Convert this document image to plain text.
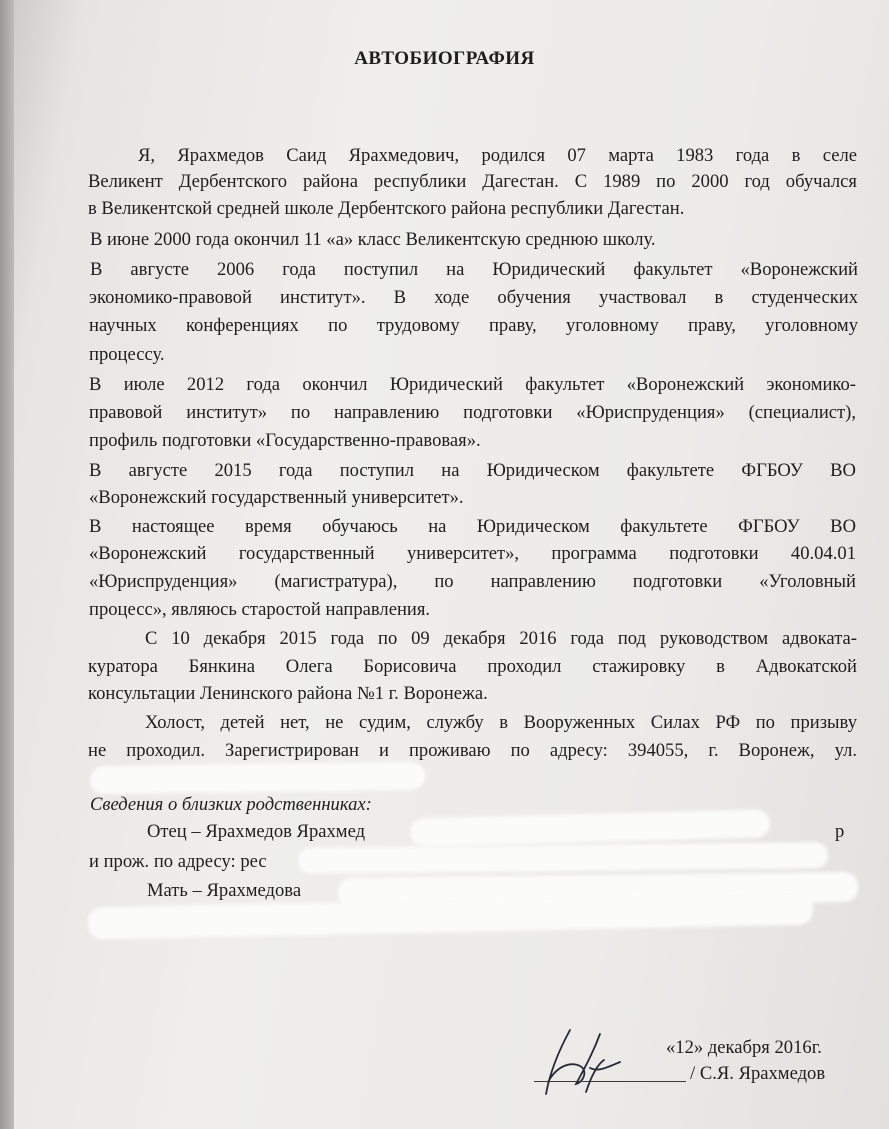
АВТОБИОГРАФИЯ
Я, Ярахмедов Саид Ярахмедович, родился 07 марта 1983 года в селе
Великент Дербентского района республики Дагестан. С 1989 по 2000 год обучался
в Великентской средней школе Дербентского района республики Дагестан.
В июне 2000 года окончил 11 «а» класс Великентскую среднюю школу.
В августе 2006 года поступил на Юридический факультет «Воронежский
экономико-правовой институт». В ходе обучения участвовал в студенческих
научных конференциях по трудовому праву, уголовному праву, уголовному
процессу.
В июле 2012 года окончил Юридический факультет «Воронежский экономико-
правовой институт» по направлению подготовки «Юриспруденция» (специалист),
профиль подготовки «Государственно-правовая».
В августе 2015 года поступил на Юридическом факультете ФГБОУ ВО
«Воронежский государственный университет».
В настоящее время обучаюсь на Юридическом факультете ФГБОУ ВО
«Воронежский государственный университет», программа подготовки 40.04.01
«Юриспруденция» (магистратура), по направлению подготовки «Уголовный
процесс», являюсь старостой направления.
С 10 декабря 2015 года по 09 декабря 2016 года под руководством адвоката-
куратора Бянкина Олега Борисовича проходил стажировку в Адвокатской
консультации Ленинского района №1 г. Воронежа.
Холост, детей нет, не судим, службу в Вооруженных Силах РФ по призыву
не проходил. Зарегистрирован и проживаю по адресу: 394055, г. Воронеж, ул.
Сведения о близких родственниках:
Отец – Ярахмедов Ярахмед	р
и прож. по адресу: рес
Мать – Ярахмедова
«12» декабря 2016г.
/ С.Я. Ярахмедов
